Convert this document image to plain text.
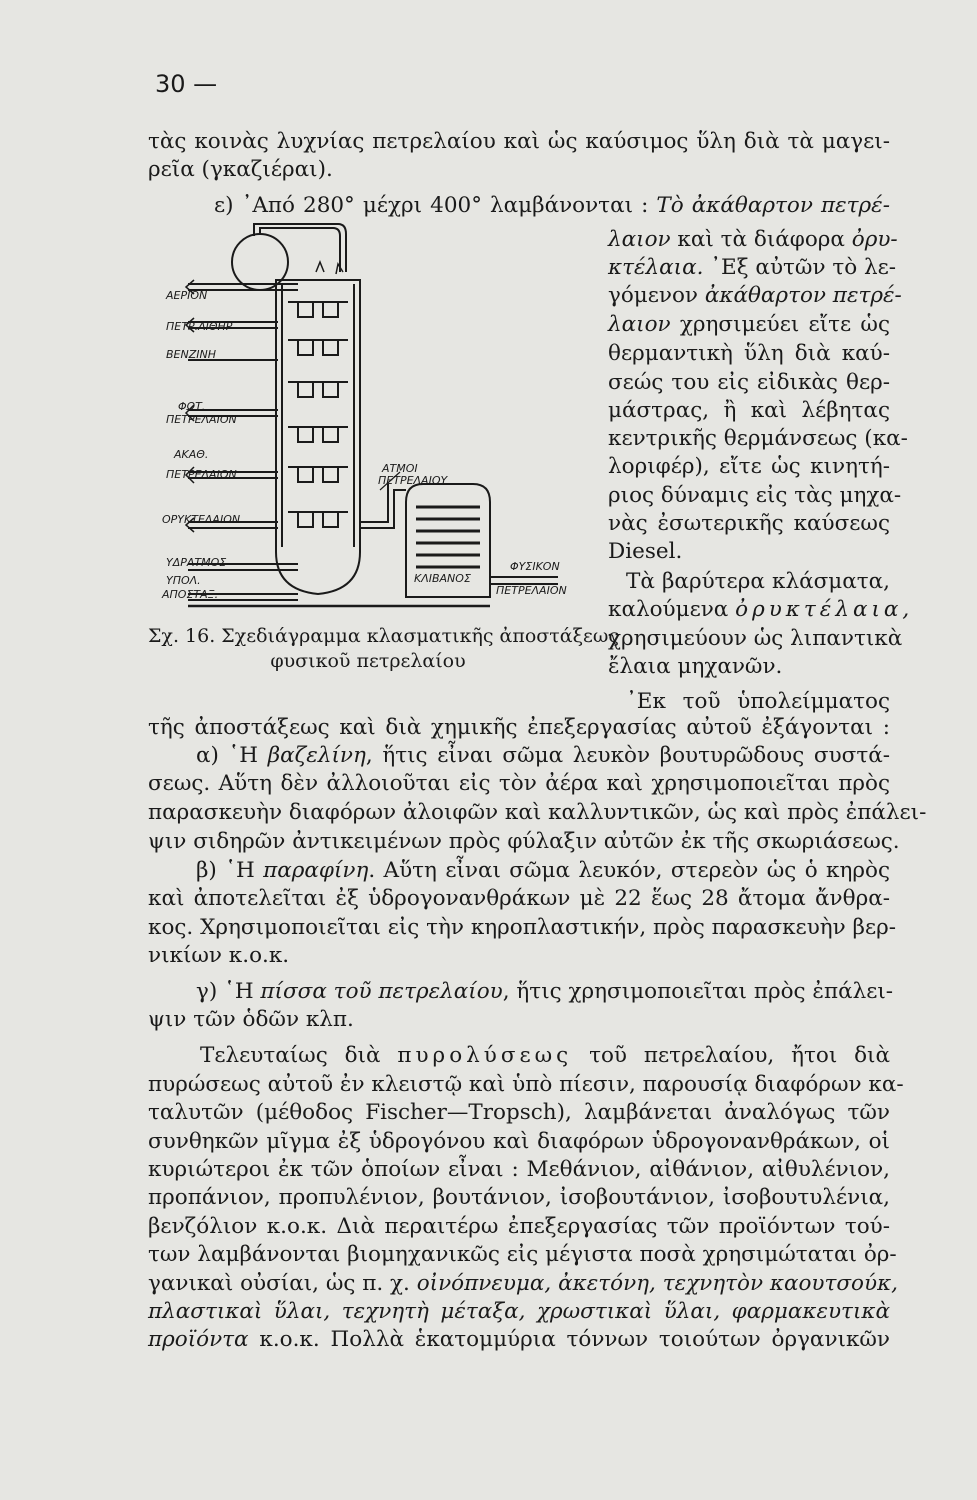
30 —
τὰς κοινὰς λυχνίας πετρελαίου καὶ ὡς καύσιμος ὕλη διὰ τὰ μαγει-
ρεῖα (γκαζιέραι).
ε) ᾿Από 280° μέχρι 400° λαμβάνονται : Τὸ ἀκάθαρτον πετρέ-
λαιον καὶ τὰ διάφορα ὀρυ-
κτέλαια. ᾿Εξ αὐτῶν τὸ λε-
γόμενον ἀκάθαρτον πετρέ-
λαιον χρησιμεύει εἴτε ὡς
θερμαντικὴ ὕλη διὰ καύ-
σεώς του εἰς εἰδικὰς θερ-
μάστρας, ἢ καὶ λέβητας
κεντρικῆς θερμάνσεως (κα-
λοριφέρ), εἴτε ὡς κινητή-
ριος δύναμις εἰς τὰς μηχα-
νὰς ἐσωτερικῆς καύσεως
Diesel.
Τὰ βαρύτερα κλάσματα,
καλούμενα ὀρυκτέλαια,
χρησιμεύουν ὡς λιπαντικὰ
ἔλαια μηχανῶν.
᾿Εκ τοῦ ὑπολείμματος
τῆς ἀποστάξεως καὶ διὰ χημικῆς ἐπεξεργασίας αὐτοῦ ἐξάγονται :
α) ῾Η βαζελίνη, ἥτις εἶναι σῶμα λευκὸν βουτυρῶδους συστά-
σεως. Αὕτη δὲν ἀλλοιοῦται εἰς τὸν ἀέρα καὶ χρησιμοποιεῖται πρὸς
παρασκευὴν διαφόρων ἀλοιφῶν καὶ καλλυντικῶν, ὡς καὶ πρὸς ἐπάλει-
ψιν σιδηρῶν ἀντικειμένων πρὸς φύλαξιν αὐτῶν ἐκ τῆς σκωριάσεως.
β) ῾Η παραφίνη. Αὕτη εἶναι σῶμα λευκόν, στερεὸν ὡς ὁ κηρὸς
καὶ ἀποτελεῖται ἐξ ὑδρογονανθράκων μὲ 22 ἕως 28 ἄτομα ἄνθρα-
κος. Χρησιμοποιεῖται εἰς τὴν κηροπλαστικήν, πρὸς παρασκευὴν βερ-
νικίων κ.ο.κ.
γ) ῾Η πίσσα τοῦ πετρελαίου, ἥτις χρησιμοποιεῖται πρὸς ἐπάλει-
ψιν τῶν ὁδῶν κλπ.
Τελευταίως διὰ πυρολύσεως τοῦ πετρελαίου, ἤτοι διὰ
πυρώσεως αὐτοῦ ἐν κλειστῷ καὶ ὑπὸ πίεσιν, παρουσίᾳ διαφόρων κα-
ταλυτῶν (μέθοδος Fischer—Tropsch), λαμβάνεται ἀναλόγως τῶν
συνθηκῶν μῖγμα ἐξ ὑδρογόνου καὶ διαφόρων ὑδρογονανθράκων, οἱ
κυριώτεροι ἐκ τῶν ὁποίων εἶναι : Μεθάνιον, αἰθάνιον, αἰθυλένιον,
προπάνιον, προπυλένιον, βουτάνιον, ἰσοβουτάνιον, ἰσοβουτυλένια,
βενζόλιον κ.ο.κ. Διὰ περαιτέρω ἐπεξεργασίας τῶν προϊόντων τού-
των λαμβάνονται βιομηχανικῶς εἰς μέγιστα ποσὰ χρησιμώταται ὀρ-
γανικαὶ οὐσίαι, ὡς π. χ. οἰνόπνευμα, ἀκετόνη, τεχνητὸν καουτσούκ,
πλαστικαὶ ὕλαι, τεχνητὴ μέταξα, χρωστικαὶ ὕλαι, φαρμακευτικὰ
προϊόντα κ.ο.κ. Πολλὰ ἑκατομμύρια τόννων τοιούτων ὀργανικῶν
ΑΕΡΙΟΝ
ΠΕΤΡ.ΑΙΘΗΡ
ΒΕΝΖΙΝΗ
ΦΩΤ.
ΠΕΤΡΕΛΑΙΟΝ
ΑΚΑΘ.
ΠΕΤΡΕΛΑΙΟΝ
ΟΡΥΚΤΕΛΑΙΟΝ
ΥΔΡΑΤΜΟΣ
ΥΠΟΛ.
ΑΠΟΣΤΑΞ.
ΑΤΜΟΙ
ΠΕΤΡΕΛΑΙΟΥ
ΚΛΙΒΑΝΟΣ
ΦΥΣΙΚΟΝ
ΠΕΤΡΕΛΑΙΟΝ
Σχ. 16. Σχεδιάγραμμα κλασματικῆς ἀποστάξεως
φυσικοῦ πετρελαίου
